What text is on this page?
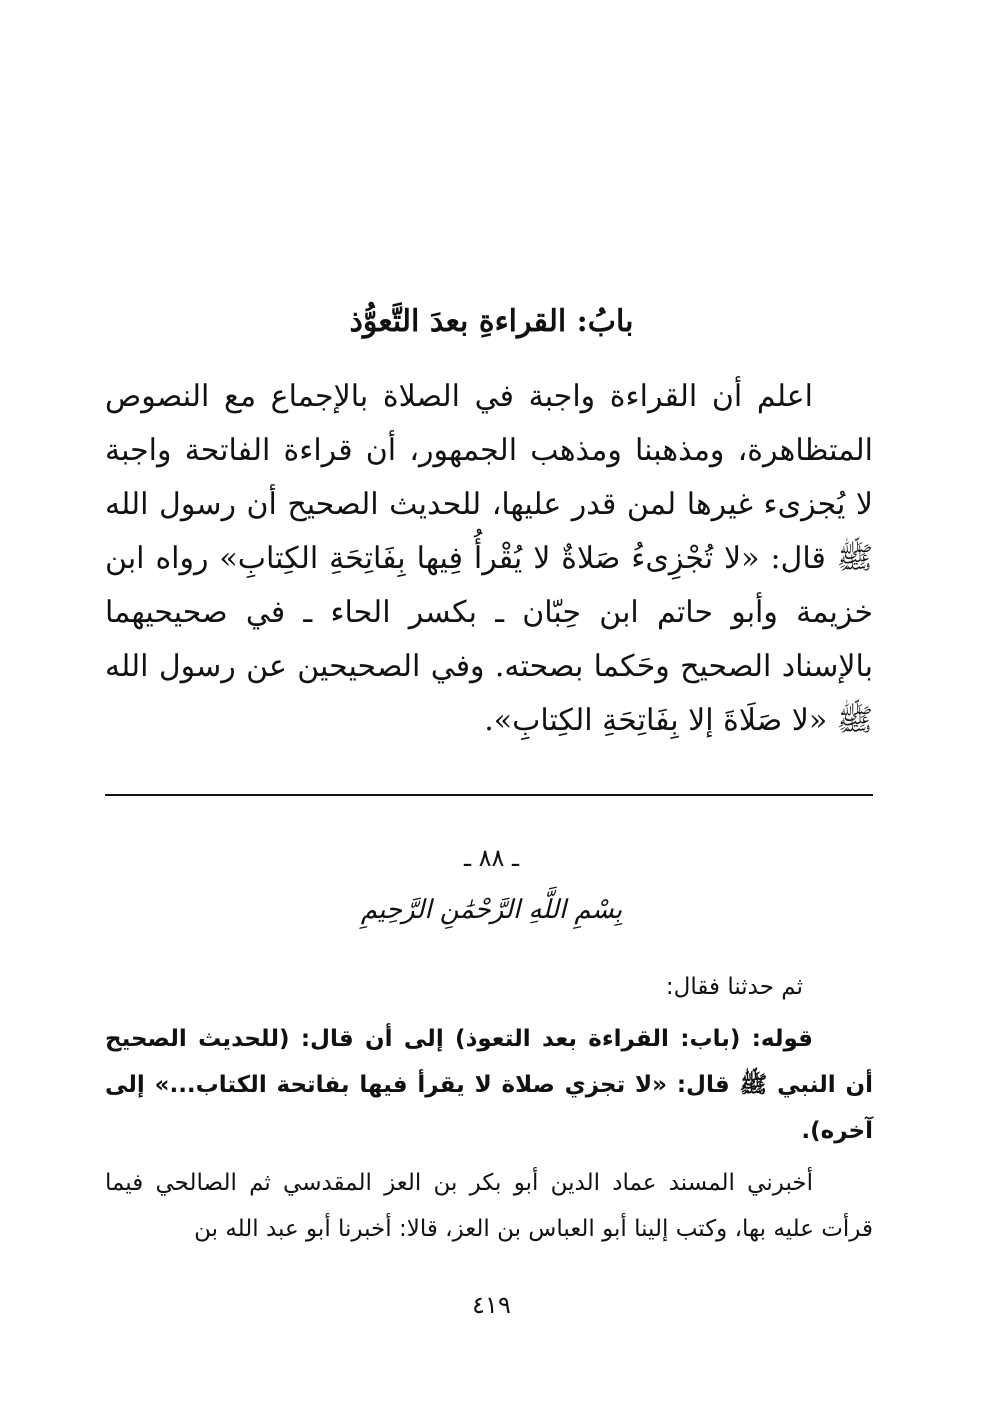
بابُ: القراءةِ بعدَ التَّعوُّذ

اعلم أن القراءة واجبة في الصلاة بالإجماع مع النصوص المتظاهرة، ومذهبنا ومذهب الجمهور، أن قراءة الفاتحة واجبة لا يُجزىء غيرها لمن قدر عليها، للحديث الصحيح أن رسول الله ﷺ قال: «لا تُجْزِىءُ صَلاةٌ لا يُقْرأُ فِيها بِفَاتِحَةِ الكِتابِ» رواه ابن خزيمة وأبو حاتم ابن حِبّان ـ بكسر الحاء ـ في صحيحيهما بالإسناد الصحيح وحَكما بصحته. وفي الصحيحين عن رسول الله ﷺ «لا صَلَاةَ إلا بِفَاتِحَةِ الكِتابِ».

ـ ٨٨ ـ
بِسْمِ اللَّهِ الرَّحْمَٰنِ الرَّحِيمِ

ثم حدثنا فقال:

قوله: (باب: القراءة بعد التعوذ) إلى أن قال: (للحديث الصحيح أن النبي ﷺ قال: «لا تجزي صلاة لا يقرأ فيها بفاتحة الكتاب...» إلى آخره).

أخبرني المسند عماد الدين أبو بكر بن العز المقدسي ثم الصالحي فيما قرأت عليه بها، وكتب إلينا أبو العباس بن العز، قالا: أخبرنا أبو عبد الله بن

٤١٩
